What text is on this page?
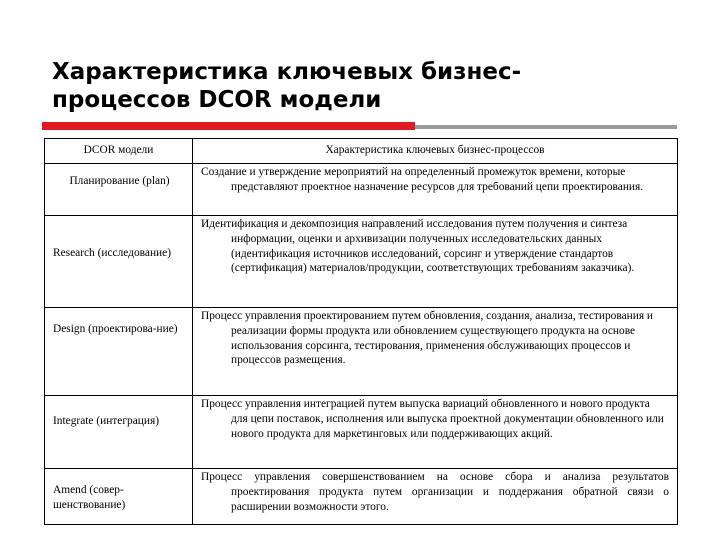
Характеристика ключевых бизнес-
процессов DCOR модели
DCOR модели	Характеристика ключевых бизнес-процессов

Планирование (plan)	Создание и утверждение мероприятий на определенный промежуток времени, которые представляют проектное назначение ресурсов для требований цепи проектирования.

Research (исследование)	Идентификация и декомпозиция направлений исследования путем получения и синтеза информации, оценки и архивизации полученных исследовательских данных (идентификация источников исследований, сорсинг и утверждение стандартов (сертификация) материалов/продукции, соответствующих требованиям заказчика).

Design (проектирова-ние)	Процесс управления проектированием путем обновления, создания, анализа, тестирования и реализации формы продукта или обновлением существующего продукта на основе использования сорсинга, тестирования, применения обслуживающих процессов и процессов размещения.

Integrate (интеграция)	Процесс управления интеграцией путем выпуска вариаций обновленного и нового продукта для цепи поставок, исполнения или выпуска проектной документации обновленного или нового продукта для маркетинговых или поддерживающих акций.

Amend (совер-шенствование)	Процесс управления совершенствованием на основе сбора и анализа результатов проектирования продукта путем организации и поддержания обратной связи о расширении возможности этого.
